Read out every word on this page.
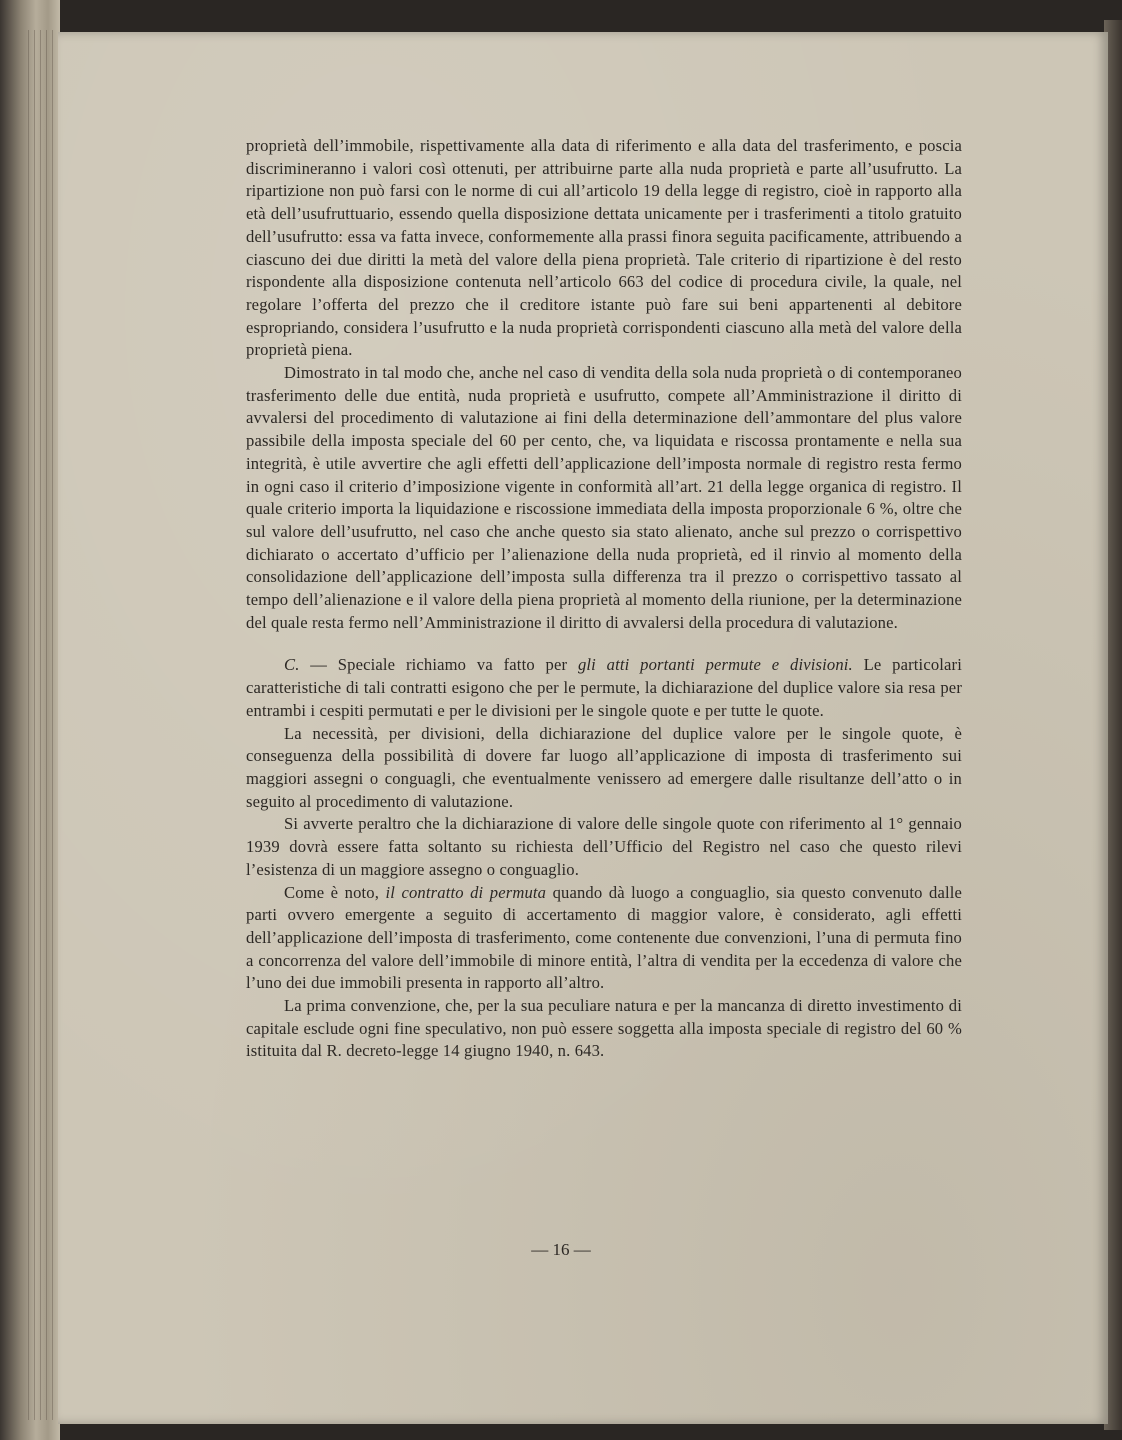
proprietà dell’immobile, rispettivamente alla data di riferimento e alla data del trasferimento, e poscia discrimineranno i valori così ottenuti, per attribuirne parte alla nuda proprietà e parte all’usufrutto. La ripartizione non può farsi con le norme di cui all’articolo 19 della legge di registro, cioè in rapporto alla età dell’usufruttuario, essendo quella disposizione dettata unicamente per i trasferimenti a titolo gratuito dell’usufrutto: essa va fatta invece, conformemente alla prassi finora seguita pacificamente, attribuendo a ciascuno dei due diritti la metà del valore della piena proprietà. Tale criterio di ripartizione è del resto rispondente alla disposizione contenuta nell’articolo 663 del codice di procedura civile, la quale, nel regolare l’offerta del prezzo che il creditore istante può fare sui beni appartenenti al debitore espropriando, considera l’usufrutto e la nuda proprietà corrispondenti ciascuno alla metà del valore della proprietà piena.

Dimostrato in tal modo che, anche nel caso di vendita della sola nuda proprietà o di contemporaneo trasferimento delle due entità, nuda proprietà e usufrutto, compete all’Amministrazione il diritto di avvalersi del procedimento di valutazione ai fini della determinazione dell’ammontare del plus valore passibile della imposta speciale del 60 per cento, che, va liquidata e riscossa prontamente e nella sua integrità, è utile avvertire che agli effetti dell’applicazione dell’imposta normale di registro resta fermo in ogni caso il criterio d’imposizione vigente in conformità all’art. 21 della legge organica di registro. Il quale criterio importa la liquidazione e riscossione immediata della imposta proporzionale 6 %, oltre che sul valore dell’usufrutto, nel caso che anche questo sia stato alienato, anche sul prezzo o corrispettivo dichiarato o accertato d’ufficio per l’alienazione della nuda proprietà, ed il rinvio al momento della consolidazione dell’applicazione dell’imposta sulla differenza tra il prezzo o corrispettivo tassato al tempo dell’alienazione e il valore della piena proprietà al momento della riunione, per la determinazione del quale resta fermo nell’Amministrazione il diritto di avvalersi della procedura di valutazione.

C. — Speciale richiamo va fatto per gli atti portanti permute e divisioni. Le particolari caratteristiche di tali contratti esigono che per le permute, la dichiarazione del duplice valore sia resa per entrambi i cespiti permutati e per le divisioni per le singole quote e per tutte le quote.

La necessità, per divisioni, della dichiarazione del duplice valore per le singole quote, è conseguenza della possibilità di dovere far luogo all’applicazione di imposta di trasferimento sui maggiori assegni o conguagli, che eventualmente venissero ad emergere dalle risultanze dell’atto o in seguito al procedimento di valutazione.

Si avverte peraltro che la dichiarazione di valore delle singole quote con riferimento al 1° gennaio 1939 dovrà essere fatta soltanto su richiesta dell’Ufficio del Registro nel caso che questo rilevi l’esistenza di un maggiore assegno o conguaglio.

Come è noto, il contratto di permuta quando dà luogo a conguaglio, sia questo convenuto dalle parti ovvero emergente a seguito di accertamento di maggior valore, è considerato, agli effetti dell’applicazione dell’imposta di trasferimento, come contenente due convenzioni, l’una di permuta fino a concorrenza del valore dell’immobile di minore entità, l’altra di vendita per la eccedenza di valore che l’uno dei due immobili presenta in rapporto all’altro.

La prima convenzione, che, per la sua peculiare natura e per la mancanza di diretto investimento di capitale esclude ogni fine speculativo, non può essere soggetta alla imposta speciale di registro del 60 % istituita dal R. decreto-legge 14 giugno 1940, n. 643.

— 16 —
